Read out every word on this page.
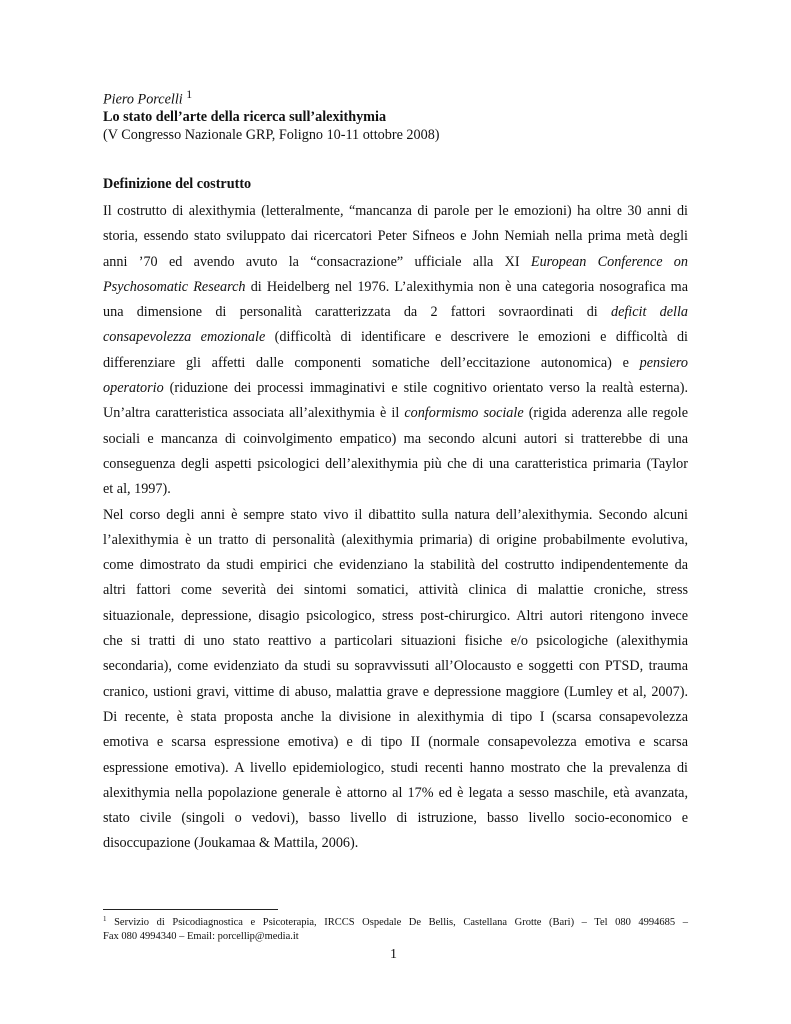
Piero Porcelli $^1$
Lo stato dell’arte della ricerca sull’alexithymia
(V Congresso Nazionale GRP, Foligno 10-11 ottobre 2008)
Definizione del costrutto
Il costrutto di alexithymia (letteralmente, “mancanza di parole per le emozioni) ha oltre 30 anni di
storia, essendo stato sviluppato dai ricercatori Peter Sifneos e John Nemiah nella prima metà degli
anni ’70 ed avendo avuto la “consacrazione” ufficiale alla XI European Conference on
Psychosomatic Research di Heidelberg nel 1976. L’alexithymia non è una categoria nosografica ma
una dimensione di personalità caratterizzata da 2 fattori sovraordinati di deficit della
consapevolezza emozionale (difficoltà di identificare e descrivere le emozioni e difficoltà di
differenziare gli affetti dalle componenti somatiche dell’eccitazione autonomica) e pensiero
operatorio (riduzione dei processi immaginativi e stile cognitivo orientato verso la realtà esterna).
Un’altra caratteristica associata all’alexithymia è il conformismo sociale (rigida aderenza alle regole
sociali e mancanza di coinvolgimento empatico) ma secondo alcuni autori si tratterebbe di una
conseguenza degli aspetti psicologici dell’alexithymia più che di una caratteristica primaria (Taylor
et al, 1997).
Nel corso degli anni è sempre stato vivo il dibattito sulla natura dell’alexithymia. Secondo alcuni
l’alexithymia è un tratto di personalità (alexithymia primaria) di origine probabilmente evolutiva,
come dimostrato da studi empirici che evidenziano la stabilità del costrutto indipendentemente da
altri fattori come severità dei sintomi somatici, attività clinica di malattie croniche, stress
situazionale, depressione, disagio psicologico, stress post-chirurgico. Altri autori ritengono invece
che si tratti di uno stato reattivo a particolari situazioni fisiche e/o psicologiche (alexithymia
secondaria), come evidenziato da studi su sopravvissuti all’Olocausto e soggetti con PTSD, trauma
cranico, ustioni gravi, vittime di abuso, malattia grave e depressione maggiore (Lumley et al, 2007).
Di recente, è stata proposta anche la divisione in alexithymia di tipo I (scarsa consapevolezza
emotiva e scarsa espressione emotiva) e di tipo II (normale consapevolezza emotiva e scarsa
espressione emotiva). A livello epidemiologico, studi recenti hanno mostrato che la prevalenza di
alexithymia nella popolazione generale è attorno al 17% ed è legata a sesso maschile, età avanzata,
stato civile (singoli o vedovi), basso livello di istruzione, basso livello socio-economico e
disoccupazione (Joukamaa & Mattila, 2006).
$^1$ Servizio di Psicodiagnostica e Psicoterapia, IRCCS Ospedale De Bellis, Castellana Grotte (Bari) – Tel 080 4994685 –
Fax 080 4994340 – Email: porcellip@media.it
1
